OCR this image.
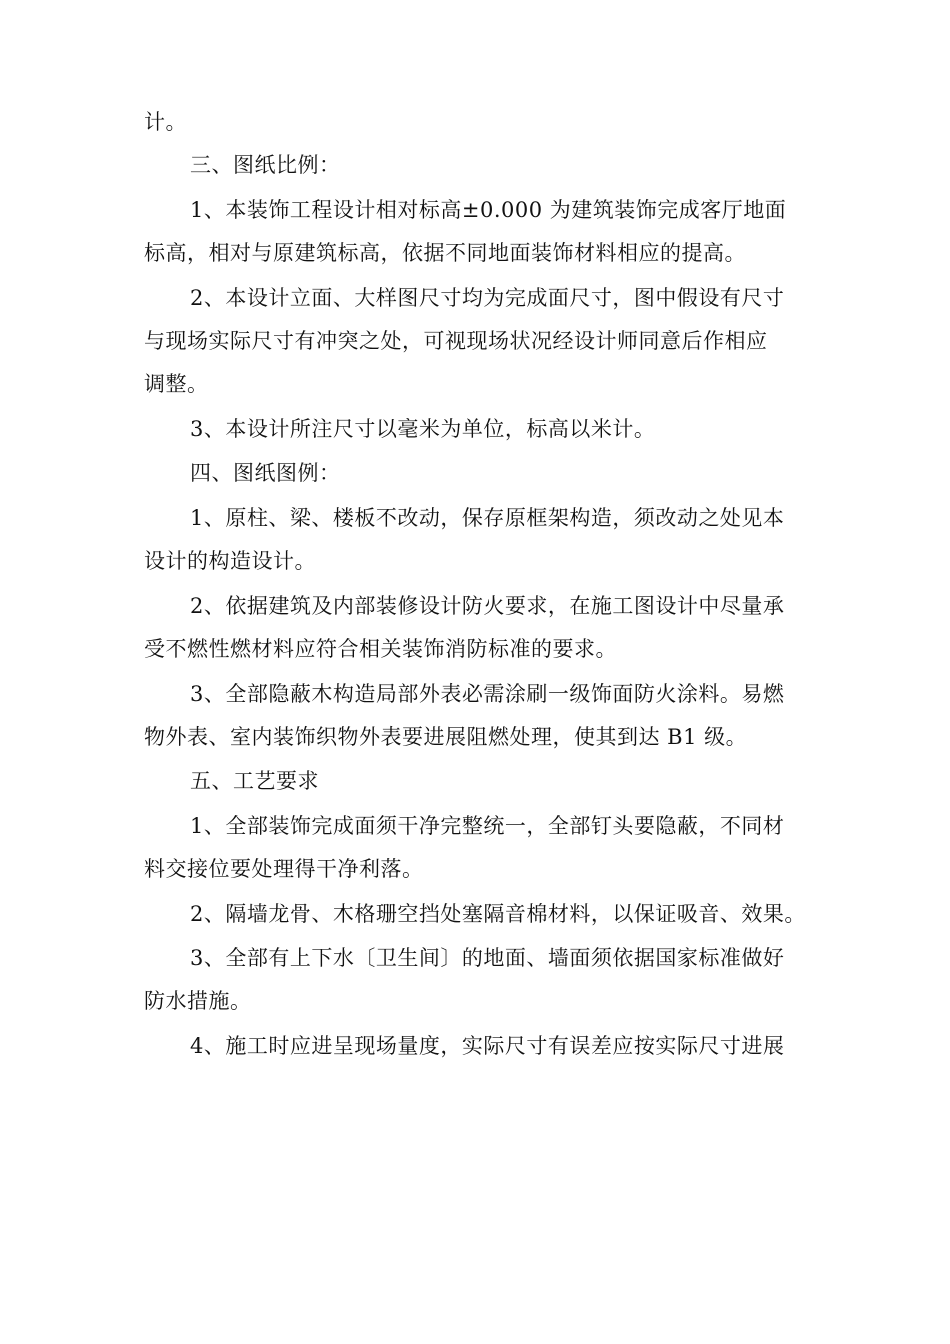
计。
三、图纸比例：
1、本装饰工程设计相对标高±0.000 为建筑装饰完成客厅地面
标高，相对与原建筑标高，依据不同地面装饰材料相应的提高。
2、本设计立面、大样图尺寸均为完成面尺寸，图中假设有尺寸
与现场实际尺寸有冲突之处，可视现场状况经设计师同意后作相应
调整。
3、本设计所注尺寸以毫米为单位，标高以米计。
四、图纸图例：
1、原柱、梁、楼板不改动，保存原框架构造，须改动之处见本
设计的构造设计。
2、依据建筑及内部装修设计防火要求，在施工图设计中尽量承
受不燃性燃材料应符合相关装饰消防标准的要求。
3、全部隐蔽木构造局部外表必需涂刷一级饰面防火涂料。易燃
物外表、室内装饰织物外表要进展阻燃处理，使其到达 B1 级。
五、工艺要求
1、全部装饰完成面须干净完整统一，全部钉头要隐蔽，不同材
料交接位要处理得干净利落。
2、隔墙龙骨、木格珊空挡处塞隔音棉材料，以保证吸音、效果。
3、全部有上下水〔卫生间〕的地面、墙面须依据国家标准做好
防水措施。
4、施工时应进呈现场量度，实际尺寸有误差应按实际尺寸进展
